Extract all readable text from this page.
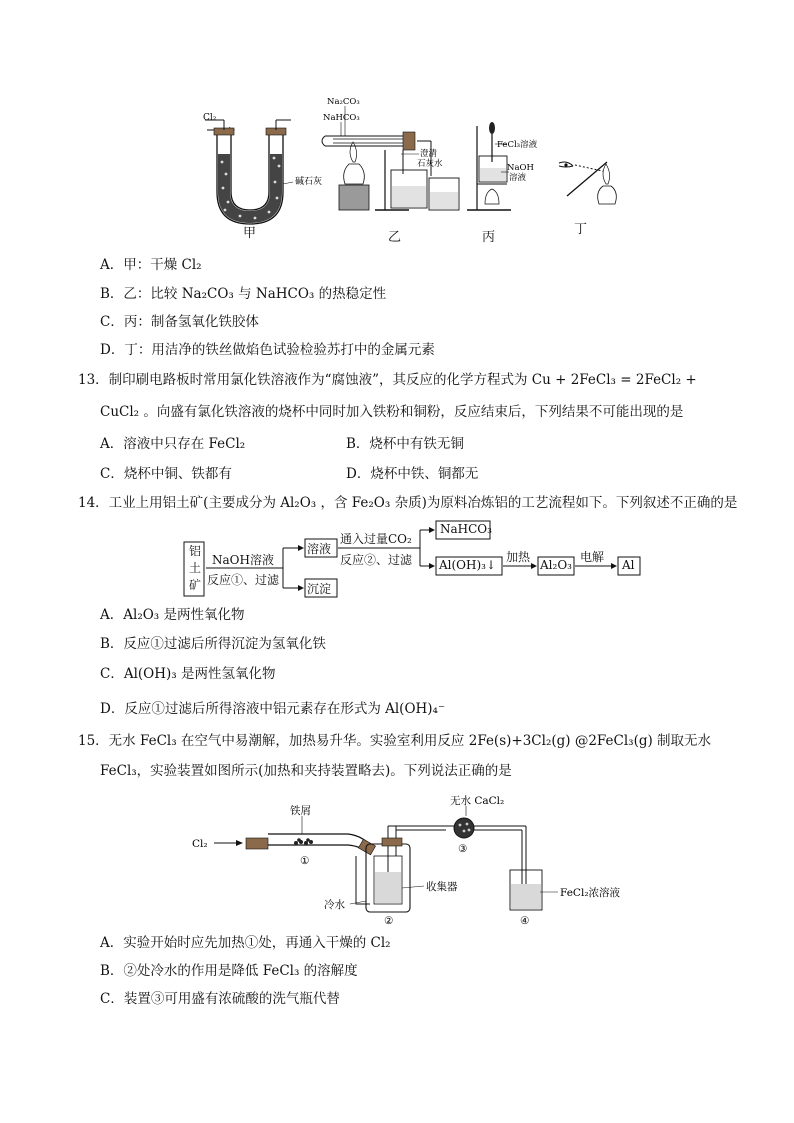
Cl₂
碱石灰
Na₂CO₃
NaHCO₃
澄清
石灰水
FeCl₃溶液
NaOH
溶液
甲	乙	丙
丁
A．甲：干燥 Cl₂
B．乙：比较 Na₂CO₃ 与 NaHCO₃ 的热稳定性
C．丙：制备氢氧化铁胶体
D．丁：用洁净的铁丝做焰色试验检验苏打中的金属元素
13．制印刷电路板时常用氯化铁溶液作为“腐蚀液”，其反应的化学方程式为 Cu + 2FeCl₃ = 2FeCl₂ +
CuCl₂ 。向盛有氯化铁溶液的烧杯中同时加入铁粉和铜粉，反应结束后，下列结果不可能出现的是
A．溶液中只存在 FeCl₂	B．烧杯中有铁无铜
C．烧杯中铜、铁都有	D．烧杯中铁、铜都无
14．工业上用铝土矿(主要成分为 Al₂O₃ ，含 Fe₂O₃ 杂质)为原料冶炼铝的工艺流程如下。下列叙述不正确的是
铝
土
矿
NaOH溶液
反应①、过滤
溶液
沉淀
通入过量CO₂
反应②、过滤
NaHCO₃
Al(OH)₃↓
加热
Al₂O₃
电解
Al
A．Al₂O₃ 是两性氧化物
B．反应①过滤后所得沉淀为氢氧化铁
C．Al(OH)₃ 是两性氢氧化物
D．反应①过滤后所得溶液中铝元素存在形式为 Al(OH)₄⁻
15．无水 FeCl₃ 在空气中易潮解，加热易升华。实验室利用反应 2Fe(s)+3Cl₂(g) @2FeCl₃(g) 制取无水
FeCl₃，实验装置如图所示(加热和夹持装置略去)。下列说法正确的是
Cl₂
铁屑
①
无水 CaCl₂
③
收集器
冷水
②
FeCl₂浓溶液
④
A．实验开始时应先加热①处，再通入干燥的 Cl₂
B．②处冷水的作用是降低 FeCl₃ 的溶解度
C．装置③可用盛有浓硫酸的洗气瓶代替
